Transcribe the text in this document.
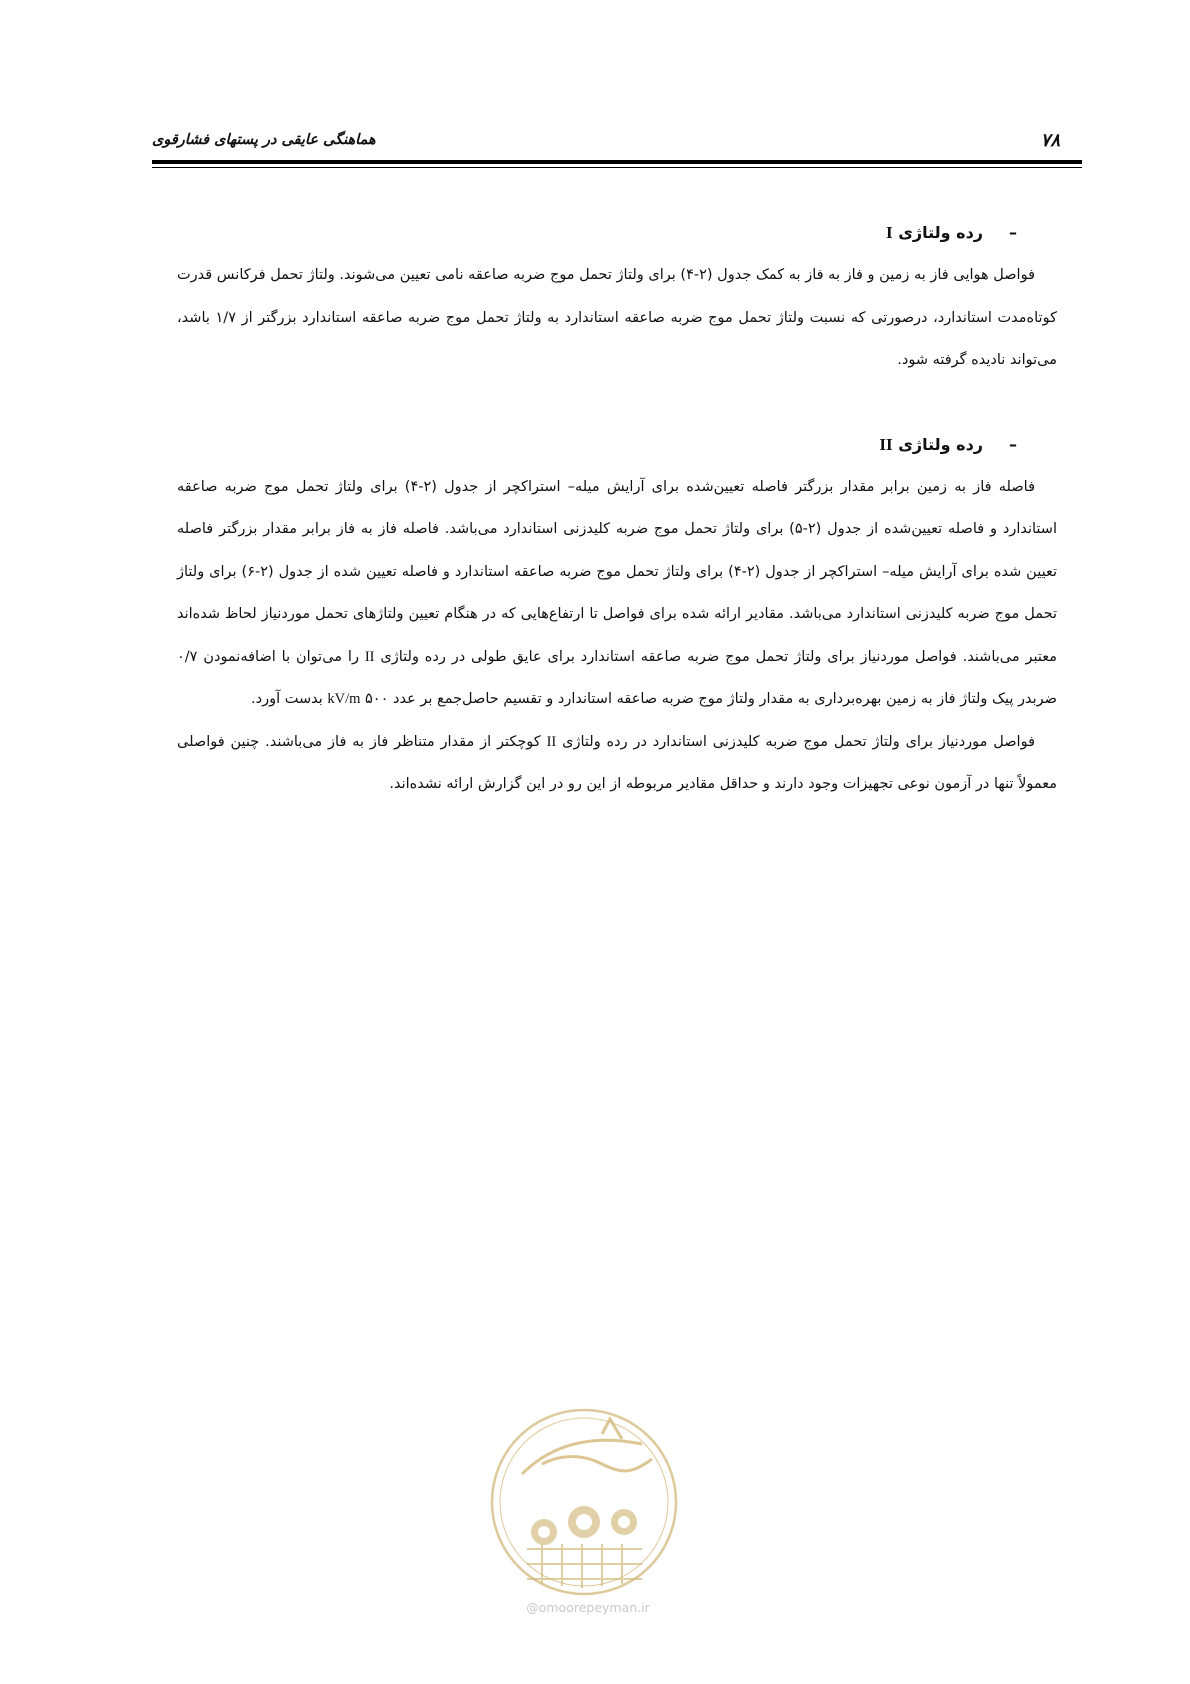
۷۸
هماهنگی عایقی در پستهای فشارقوی
–رده ولتاژی I

فواصل هوایی فاز به زمین و فاز به فاز به کمک جدول (۲-۴) برای ولتاژ تحمل موج ضربه صاعقه نامی تعیین می‌شوند. ولتاژ تحمل فرکانس قدرت کوتاه‌مدت استاندارد، درصورتی که نسبت ولتاژ تحمل موج ضربه صاعقه استاندارد به ولتاژ تحمل موج ضربه صاعقه استاندارد بزرگتر از ۱/۷ باشد، می‌تواند نادیده گرفته شود.

–رده ولتاژی II

فاصله فاز به زمین برابر مقدار بزرگتر فاصله تعیین‌شده برای آرایش میله– استراکچر از جدول (۲-۴) برای ولتاژ تحمل موج ضربه صاعقه استاندارد و فاصله تعیین‌شده از جدول (۲-۵) برای ولتاژ تحمل موج ضربه کلیدزنی استاندارد می‌باشد. فاصله فاز به فاز برابر مقدار بزرگتر فاصله تعیین شده برای آرایش میله– استراکچر از جدول (۲-۴) برای ولتاژ تحمل موج ضربه صاعقه استاندارد و فاصله تعیین شده از جدول (۲-۶) برای ولتاژ تحمل موج ضربه کلیدزنی استاندارد می‌باشد. مقادیر ارائه شده برای فواصل تا ارتفاع‌هایی که در هنگام تعیین ولتاژهای تحمل موردنیاز لحاظ شده‌اند معتبر می‌باشند. فواصل موردنیاز برای ولتاژ تحمل موج ضربه صاعقه استاندارد برای عایق طولی در رده ولتاژی II را می‌توان با اضافه‌نمودن ۰/۷ ضربدر پیک ولتاژ فاز به زمین بهره‌برداری به مقدار ولتاژ موج ضربه صاعقه استاندارد و تقسیم حاصل‌جمع بر عدد ۵۰۰ kV/m بدست آورد.

فواصل موردنیاز برای ولتاژ تحمل موج ضربه کلیدزنی استاندارد در رده ولتاژی II کوچکتر از مقدار متناظر فاز به فاز می‌باشند. چنین فواصلی معمولاً تنها در آزمون نوعی تجهیزات وجود دارند و حداقل مقادیر مربوطه از این رو در این گزارش ارائه نشده‌اند.

@omoorepeyman.ir
